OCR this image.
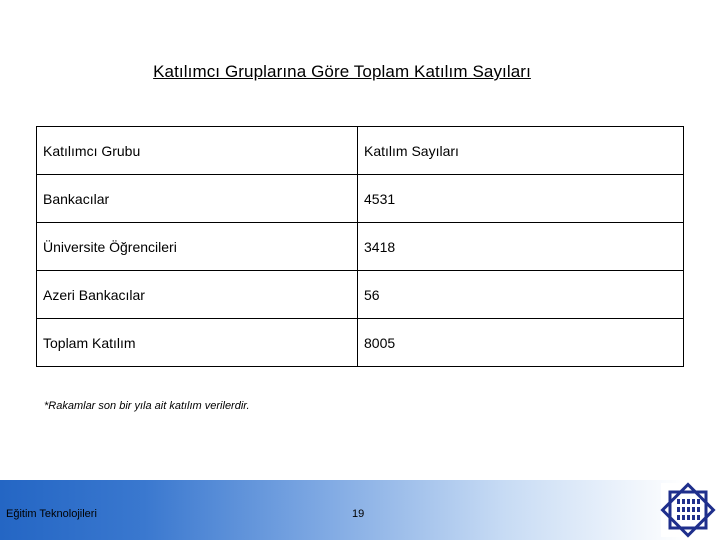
Katılımcı Gruplarına Göre Toplam Katılım Sayıları
Katılımcı Grubu	Katılım Sayıları
Bankacılar	4531
Üniversite Öğrencileri	3418
Azeri Bankacılar	56
Toplam Katılım	8005
*Rakamlar son bir yıla ait katılım verilerdir.
Eğitim Teknolojileri	19
